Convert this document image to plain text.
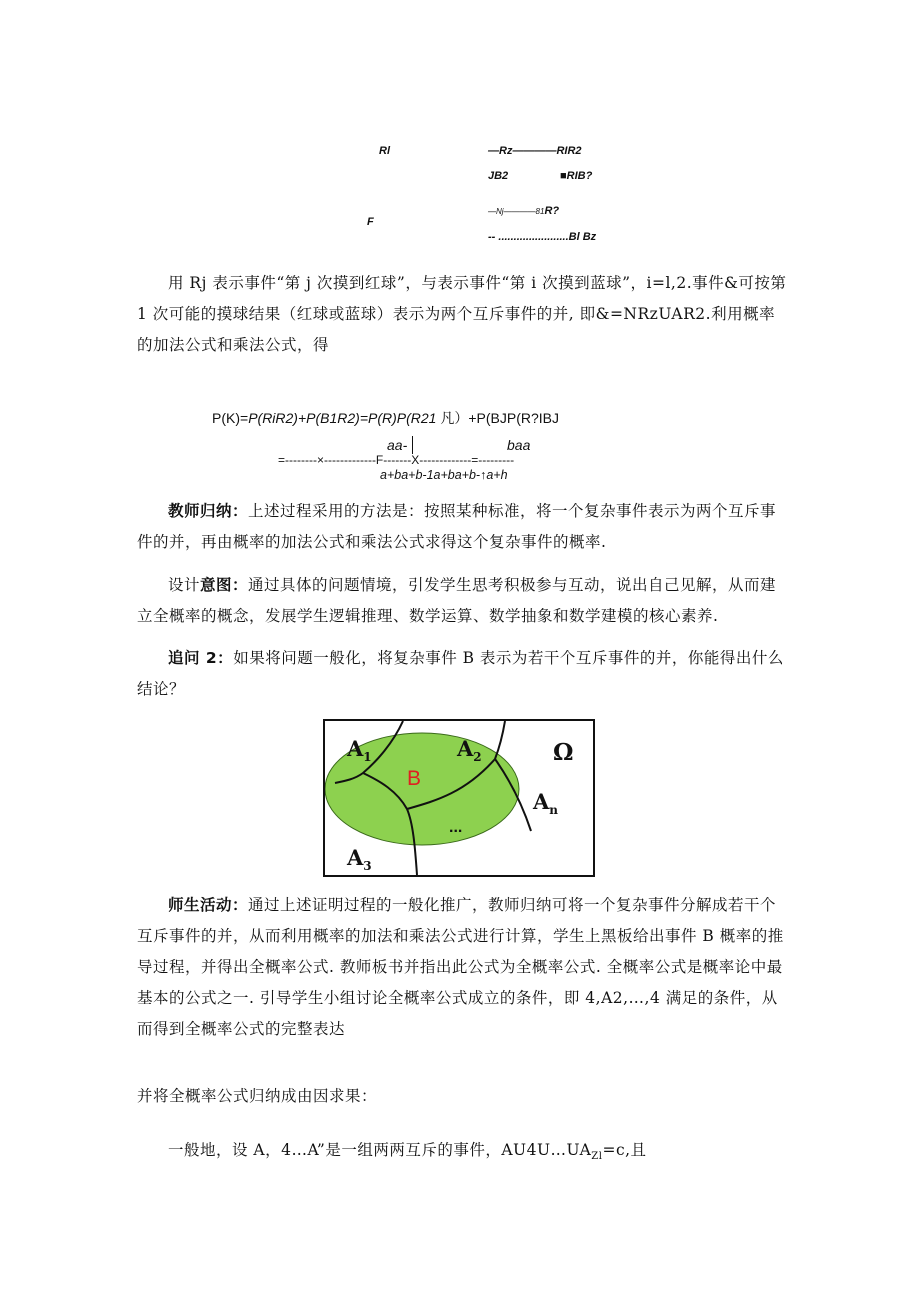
Rl
F
—Rz————RIR2
JB2	■RIB?
—Nj————81R?
-- .......................Bl Bz
用 Rj 表示事件“第 j 次摸到红球”，与表示事件“第 i 次摸到蓝球”，i=l,2.事件&可按第 1 次可能的摸球结果（红球或蓝球）表示为两个互斥事件的并, 即&=NRzUAR2.利用概率的加法公式和乘法公式，得
P(K)=P(RiR2)+P(B1R2)=P(R)P(R21 凡）+P(BJP(R?IBJ
aa-	baa
=--------×-------------F-------X-------------=---------
a+ba+b-1a+ba+b-↑a+h
教师归纳：上述过程采用的方法是：按照某种标准，将一个复杂事件表示为两个互斥事件的并，再由概率的加法公式和乘法公式求得这个复杂事件的概率.
设计意图：通过具体的问题情境，引发学生思考积极参与互动，说出自己见解，从而建立全概率的概念，发展学生逻辑推理、数学运算、数学抽象和数学建模的核心素养.
追问 2：如果将问题一般化，将复杂事件 B 表示为若干个互斥事件的并，你能得出什么结论？
$A_1$	$A_2$	Ω
B
$A_n$
...
$A_3$
师生活动：通过上述证明过程的一般化推广，教师归纳可将一个复杂事件分解成若干个互斥事件的并，从而利用概率的加法和乘法公式进行计算，学生上黑板给出事件 B 概率的推导过程，并得出全概率公式. 教师板书并指出此公式为全概率公式. 全概率公式是概率论中最基本的公式之一. 引导学生小组讨论全概率公式成立的条件，即 4,A2,…,4 满足的条件，从而得到全概率公式的完整表达
并将全概率公式归纳成由因求果：
一般地，设 A，4…A”是一组两两互斥的事件，$AU4U\dots UA_{Zl}=c$,且
